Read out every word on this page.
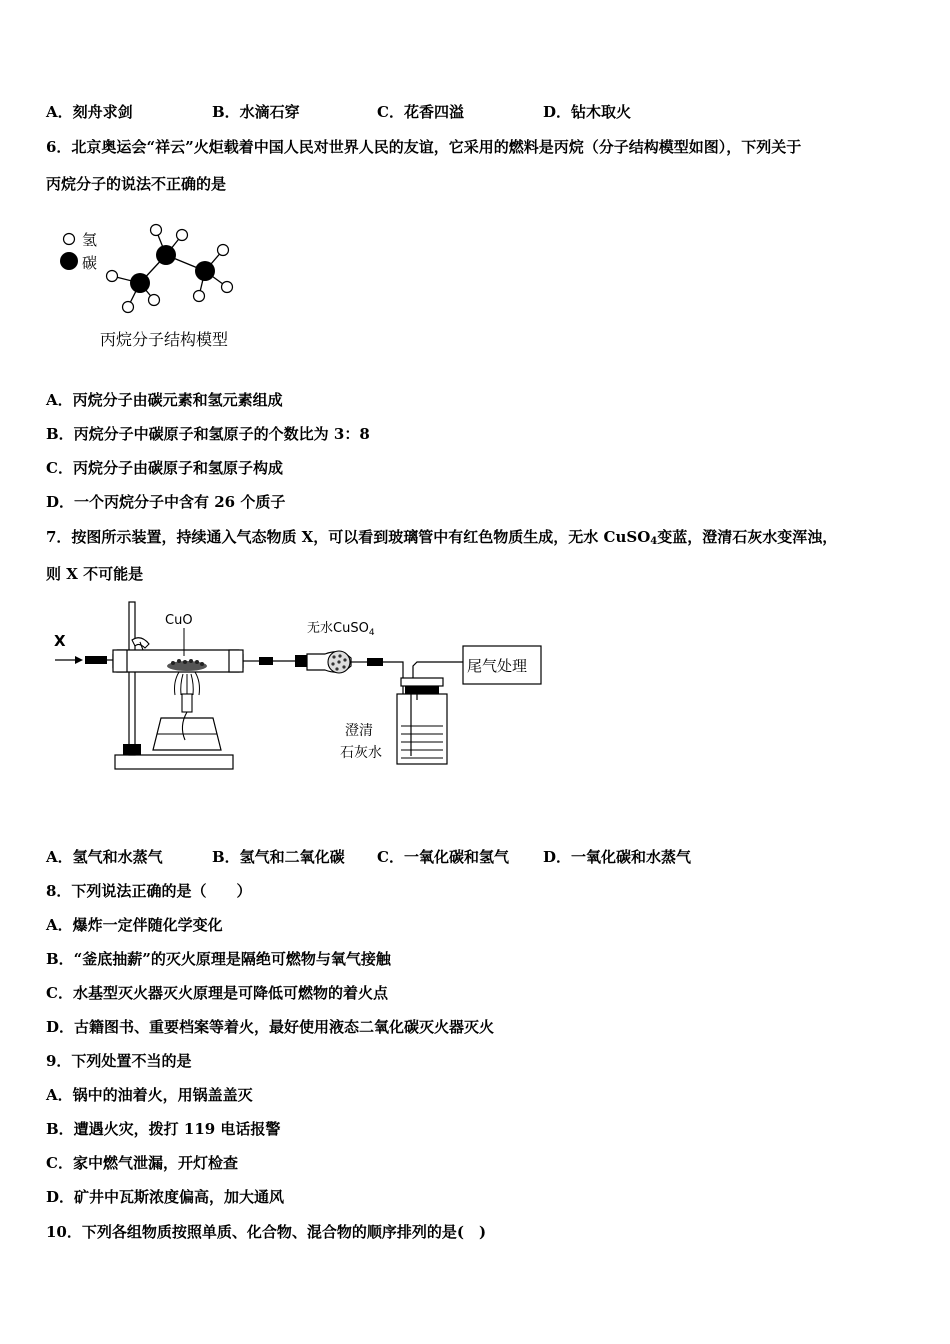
A．刻舟求剑	B．水滴石穿	C．花香四溢	D．钻木取火
6．北京奥运会“祥云”火炬载着中国人民对世界人民的友谊，它采用的燃料是丙烷（分子结构模型如图），下列关于
丙烷分子的说法不正确的是
氢
碳
丙烷分子结构模型
A．丙烷分子由碳元素和氢元素组成
B．丙烷分子中碳原子和氢原子的个数比为 3：8
C．丙烷分子由碳原子和氢原子构成
D．一个丙烷分子中含有 26 个质子
7．按图所示装置，持续通入气态物质 X，可以看到玻璃管中有红色物质生成，无水 CuSO$_4$变蓝，澄清石灰水变浑浊，
则 X 不可能是
X
CuO
无水CuSO$_4$
尾气处理
澄清
石灰水
A．氢气和水蒸气	B．氢气和二氧化碳 C．一氧化碳和氢气 D．一氧化碳和水蒸气
8．下列说法正确的是（　　）
A．爆炸一定伴随化学变化
B．“釜底抽薪”的灭火原理是隔绝可燃物与氧气接触
C．水基型灭火器灭火原理是可降低可燃物的着火点
D．古籍图书、重要档案等着火，最好使用液态二氧化碳灭火器灭火
9．下列处置不当的是
A．锅中的油着火，用锅盖盖灭
B．遭遇火灾，拨打 119 电话报警
C．家中燃气泄漏，开灯检查
D．矿井中瓦斯浓度偏高，加大通风
10．下列各组物质按照单质、化合物、混合物的顺序排列的是(　)
